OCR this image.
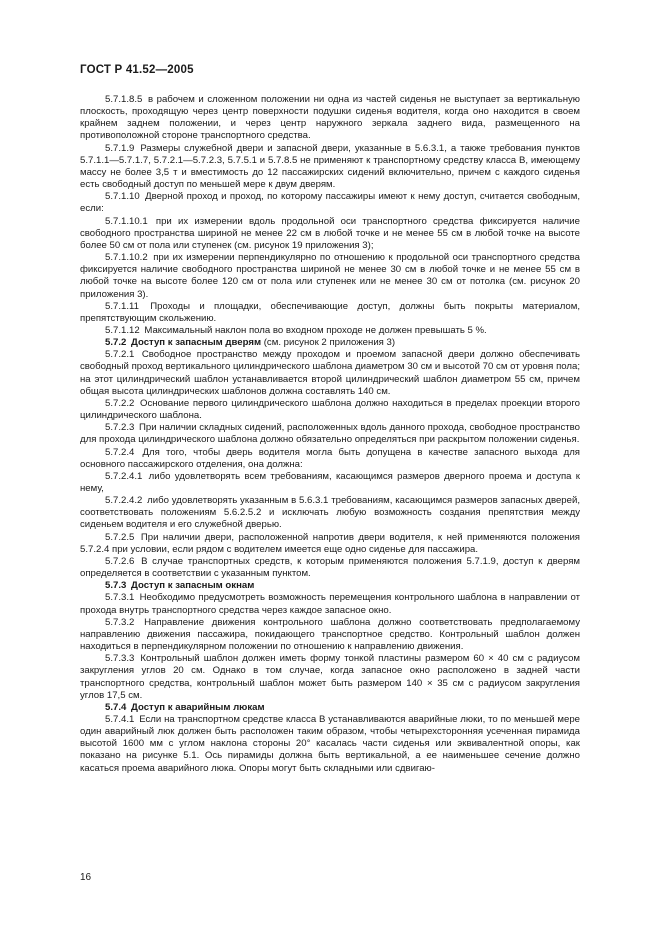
ГОСТ Р 41.52—2005

5.7.1.8.5 в рабочем и сложенном положении ни одна из частей сиденья не выступает за вертикальную плоскость, проходящую через центр поверхности подушки сиденья водителя, когда оно находится в своем крайнем заднем положении, и через центр наружного зеркала заднего вида, размещенного на противоположной стороне транспортного средства.

5.7.1.9 Размеры служебной двери и запасной двери, указанные в 5.6.3.1, а также требования пунктов 5.7.1.1—5.7.1.7, 5.7.2.1—5.7.2.3, 5.7.5.1 и 5.7.8.5 не применяют к транспортному средству класса В, имеющему массу не более 3,5 т и вместимость до 12 пассажирских сидений включительно, причем с каждого сиденья есть свободный доступ по меньшей мере к двум дверям.

5.7.1.10 Дверной проход и проход, по которому пассажиры имеют к нему доступ, считается свободным, если:

5.7.1.10.1 при их измерении вдоль продольной оси транспортного средства фиксируется наличие свободного пространства шириной не менее 22 см в любой точке и не менее 55 см в любой точке на высоте более 50 см от пола или ступенек (см. рисунок 19 приложения 3);

5.7.1.10.2 при их измерении перпендикулярно по отношению к продольной оси транспортного средства фиксируется наличие свободного пространства шириной не менее 30 см в любой точке и не менее 55 см в любой точке на высоте более 120 см от пола или ступенек или не менее 30 см от потолка (см. рисунок 20 приложения 3).

5.7.1.11 Проходы и площадки, обеспечивающие доступ, должны быть покрыты материалом, препятствующим скольжению.

5.7.1.12 Максимальный наклон пола во входном проходе не должен превышать 5 %.

5.7.2 Доступ к запасным дверям (см. рисунок 2 приложения 3)

5.7.2.1 Свободное пространство между проходом и проемом запасной двери должно обеспечивать свободный проход вертикального цилиндрического шаблона диаметром 30 см и высотой 70 см от уровня пола; на этот цилиндрический шаблон устанавливается второй цилиндрический шаблон диаметром 55 см, причем общая высота цилиндрических шаблонов должна составлять 140 см.

5.7.2.2 Основание первого цилиндрического шаблона должно находиться в пределах проекции второго цилиндрического шаблона.

5.7.2.3 При наличии складных сидений, расположенных вдоль данного прохода, свободное пространство для прохода цилиндрического шаблона должно обязательно определяться при раскрытом положении сиденья.

5.7.2.4 Для того, чтобы дверь водителя могла быть допущена в качестве запасного выхода для основного пассажирского отделения, она должна:

5.7.2.4.1 либо удовлетворять всем требованиям, касающимся размеров дверного проема и доступа к нему,

5.7.2.4.2 либо удовлетворять указанным в 5.6.3.1 требованиям, касающимся размеров запасных дверей, соответствовать положениям 5.6.2.5.2 и исключать любую возможность создания препятствия между сиденьем водителя и его служебной дверью.

5.7.2.5 При наличии двери, расположенной напротив двери водителя, к ней применяются положения 5.7.2.4 при условии, если рядом с водителем имеется еще одно сиденье для пассажира.

5.7.2.6 В случае транспортных средств, к которым применяются положения 5.7.1.9, доступ к дверям определяется в соответствии с указанным пунктом.

5.7.3 Доступ к запасным окнам

5.7.3.1 Необходимо предусмотреть возможность перемещения контрольного шаблона в направлении от прохода внутрь транспортного средства через каждое запасное окно.

5.7.3.2 Направление движения контрольного шаблона должно соответствовать предполагаемому направлению движения пассажира, покидающего транспортное средство. Контрольный шаблон должен находиться в перпендикулярном положении по отношению к направлению движения.

5.7.3.3 Контрольный шаблон должен иметь форму тонкой пластины размером 60 × 40 см с радиусом закругления углов 20 см. Однако в том случае, когда запасное окно расположено в задней части транспортного средства, контрольный шаблон может быть размером 140 × 35 см с радиусом закругления углов 17,5 см.

5.7.4 Доступ к аварийным люкам

5.7.4.1 Если на транспортном средстве класса В устанавливаются аварийные люки, то по меньшей мере один аварийный люк должен быть расположен таким образом, чтобы четырехсторонняя усеченная пирамида высотой 1600 мм с углом наклона стороны 20° касалась части сиденья или эквивалентной опоры, как показано на рисунке 5.1. Ось пирамиды должна быть вертикальной, а ее наименьшее сечение должно касаться проема аварийного люка. Опоры могут быть складными или сдвигаю-

16
